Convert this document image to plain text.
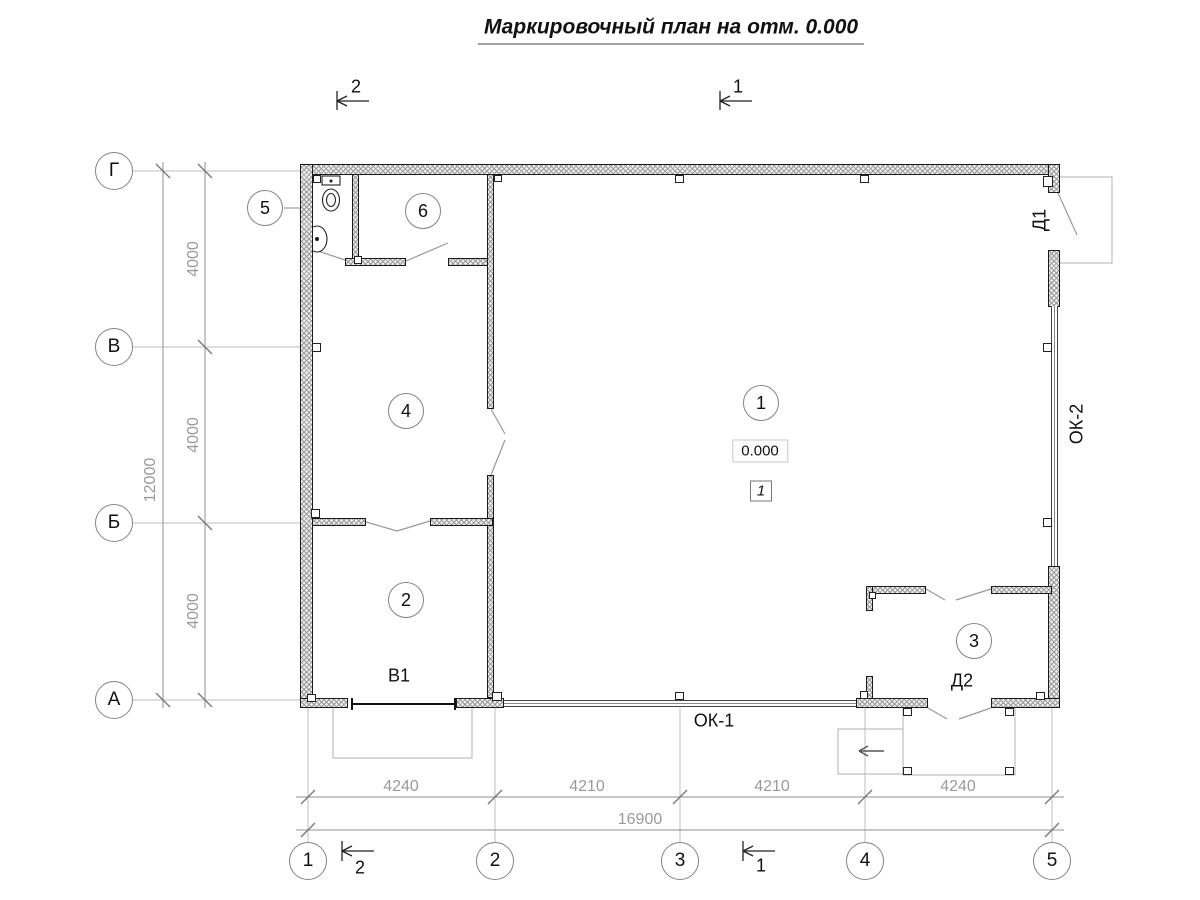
Маркировочный план на отм. 0.000
1
2
3
4
5	6
Г
В
Б
А
1	2	3	4	5
4240	4210	4210	4240
16900
4000
4000
4000
12000
ОК-1
ОК-2
Д1
Д2
В1
0.000
1
2	1
2	1
